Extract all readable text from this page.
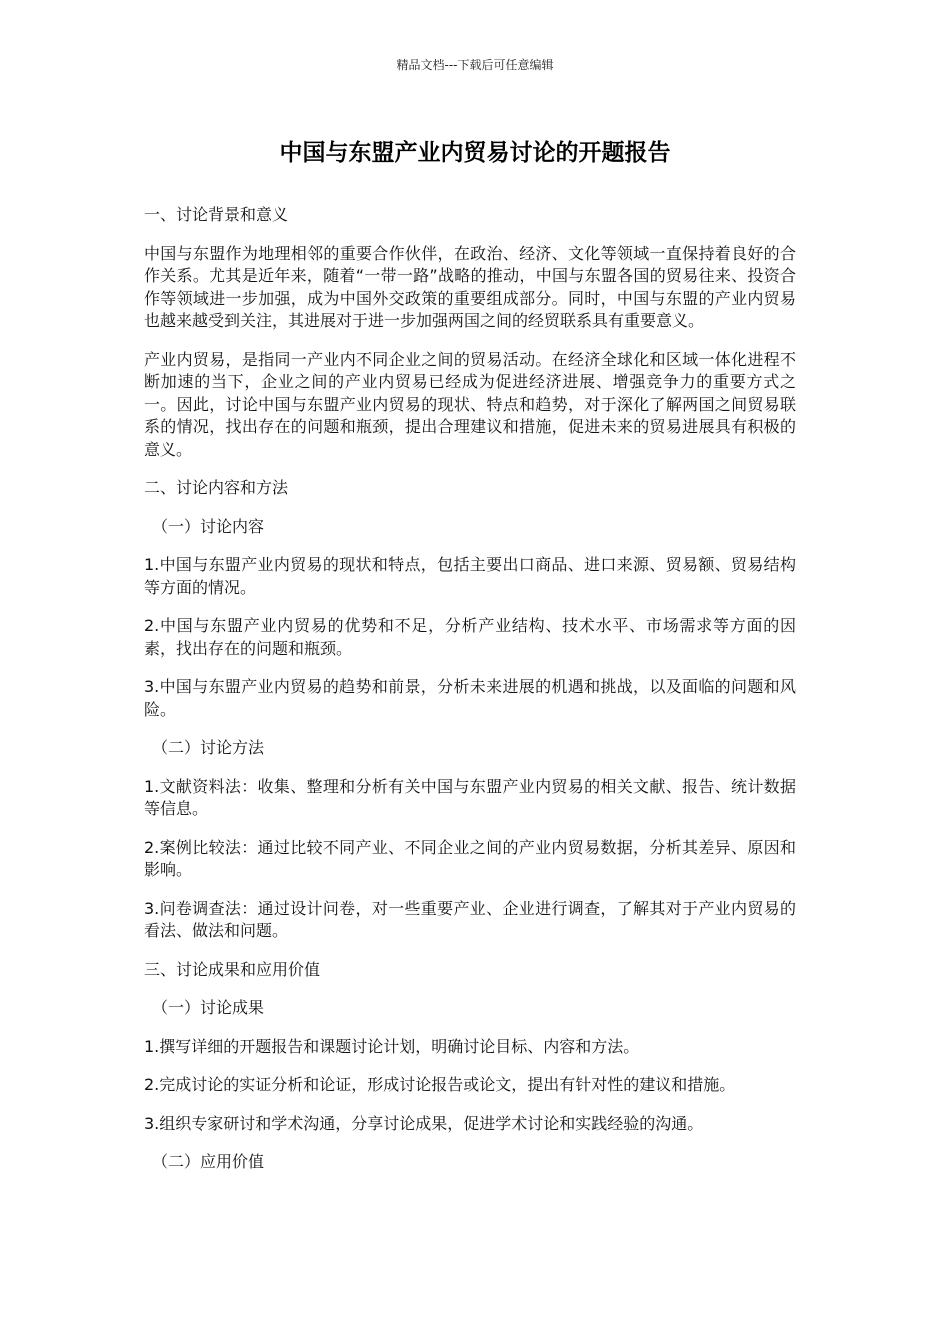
精品文档---下载后可任意编辑
中国与东盟产业内贸易讨论的开题报告

一、讨论背景和意义

中国与东盟作为地理相邻的重要合作伙伴，在政治、经济、文化等领域一直保持着良好的合作关系。尤其是近年来，随着“一带一路”战略的推动，中国与东盟各国的贸易往来、投资合作等领域进一步加强，成为中国外交政策的重要组成部分。同时，中国与东盟的产业内贸易也越来越受到关注，其进展对于进一步加强两国之间的经贸联系具有重要意义。

产业内贸易，是指同一产业内不同企业之间的贸易活动。在经济全球化和区域一体化进程不断加速的当下，企业之间的产业内贸易已经成为促进经济进展、增强竞争力的重要方式之一。因此，讨论中国与东盟产业内贸易的现状、特点和趋势，对于深化了解两国之间贸易联系的情况，找出存在的问题和瓶颈，提出合理建议和措施，促进未来的贸易进展具有积极的意义。

二、讨论内容和方法

（一）讨论内容

1.中国与东盟产业内贸易的现状和特点，包括主要出口商品、进口来源、贸易额、贸易结构等方面的情况。

2.中国与东盟产业内贸易的优势和不足，分析产业结构、技术水平、市场需求等方面的因素，找出存在的问题和瓶颈。

3.中国与东盟产业内贸易的趋势和前景，分析未来进展的机遇和挑战，以及面临的问题和风险。

（二）讨论方法

1.文献资料法：收集、整理和分析有关中国与东盟产业内贸易的相关文献、报告、统计数据等信息。

2.案例比较法：通过比较不同产业、不同企业之间的产业内贸易数据，分析其差异、原因和影响。

3.问卷调查法：通过设计问卷，对一些重要产业、企业进行调查，了解其对于产业内贸易的看法、做法和问题。

三、讨论成果和应用价值

（一）讨论成果

1.撰写详细的开题报告和课题讨论计划，明确讨论目标、内容和方法。

2.完成讨论的实证分析和论证，形成讨论报告或论文，提出有针对性的建议和措施。

3.组织专家研讨和学术沟通，分享讨论成果，促进学术讨论和实践经验的沟通。

（二）应用价值
